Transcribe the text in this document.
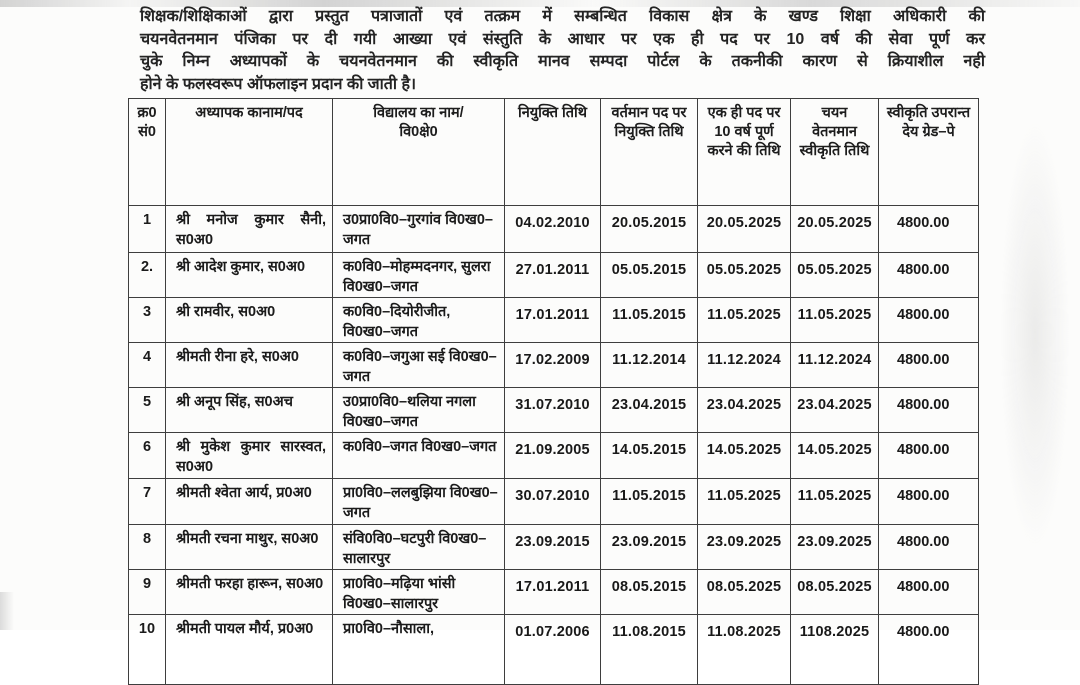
शिक्षक/शिक्षिकाओं द्वारा प्रस्तुत पत्राजातों एवं तत्क्रम में सम्बन्धित विकास क्षेत्र के खण्ड शिक्षा अधिकारी की
चयनवेतनमान पंजिका पर दी गयी आख्या एवं संस्तुति के आधार पर एक ही पद पर 10 वर्ष की सेवा पूर्ण कर
चुके निम्न अध्यापकों के चयनवेतनमान की स्वीकृति मानव सम्पदा पोर्टल के तकनीकी कारण से क्रियाशील नही
होने के फलस्वरूप ऑफलाइन प्रदान की जाती है।
क्र0 सं0	अध्यापक कानाम/पद	विद्यालय का नाम/वि0क्षे0	नियुक्ति तिथि	वर्तमान पद पर नियुक्ति तिथि	एक ही पद पर 10 वर्ष पूर्ण करने की तिथि	चयन वेतनमान स्वीकृति तिथि	स्वीकृति उपरान्त देय ग्रेड–पे
1	श्री मनोज कुमार सैनी, स0अ0	उ0प्रा0वि0–गुरगांव वि0ख0–जगत	04.02.2010	20.05.2015	20.05.2025	20.05.2025	4800.00
2.	श्री आदेश कुमार, स0अ0	क0वि0–मोहम्मदनगर, सुलरा वि0ख0–जगत	27.01.2011	05.05.2015	05.05.2025	05.05.2025	4800.00
3	श्री रामवीर, स0अ0	क0वि0–दियोरीजीत, वि0ख0–जगत	17.01.2011	11.05.2015	11.05.2025	11.05.2025	4800.00
4	श्रीमती रीना हरे, स0अ0	क0वि0–जगुआ सई वि0ख0–जगत	17.02.2009	11.12.2014	11.12.2024	11.12.2024	4800.00
5	श्री अनूप सिंह, स0अच	उ0प्रा0वि0–थलिया नगला वि0ख0–जगत	31.07.2010	23.04.2015	23.04.2025	23.04.2025	4800.00
6	श्री मुकेश कुमार सारस्वत, स0अ0	क0वि0–जगत वि0ख0–जगत	21.09.2005	14.05.2015	14.05.2025	14.05.2025	4800.00
7	श्रीमती श्वेता आर्य, प्र0अ0	प्रा0वि0–ललबुझिया वि0ख0–जगत	30.07.2010	11.05.2015	11.05.2025	11.05.2025	4800.00
8	श्रीमती रचना माथुर, स0अ0	संवि0वि0–घटपुरी वि0ख0–सालारपुर	23.09.2015	23.09.2015	23.09.2025	23.09.2025	4800.00
9	श्रीमती फरहा हारून, स0अ0	प्रा0वि0–मढ़िया भांसी वि0ख0–सालारपुर	17.01.2011	08.05.2015	08.05.2025	08.05.2025	4800.00
10	श्रीमती पायल मौर्य, प्र0अ0	प्रा0वि0–नौसाला,	01.07.2006	11.08.2015	11.08.2025	1108.2025	4800.00
